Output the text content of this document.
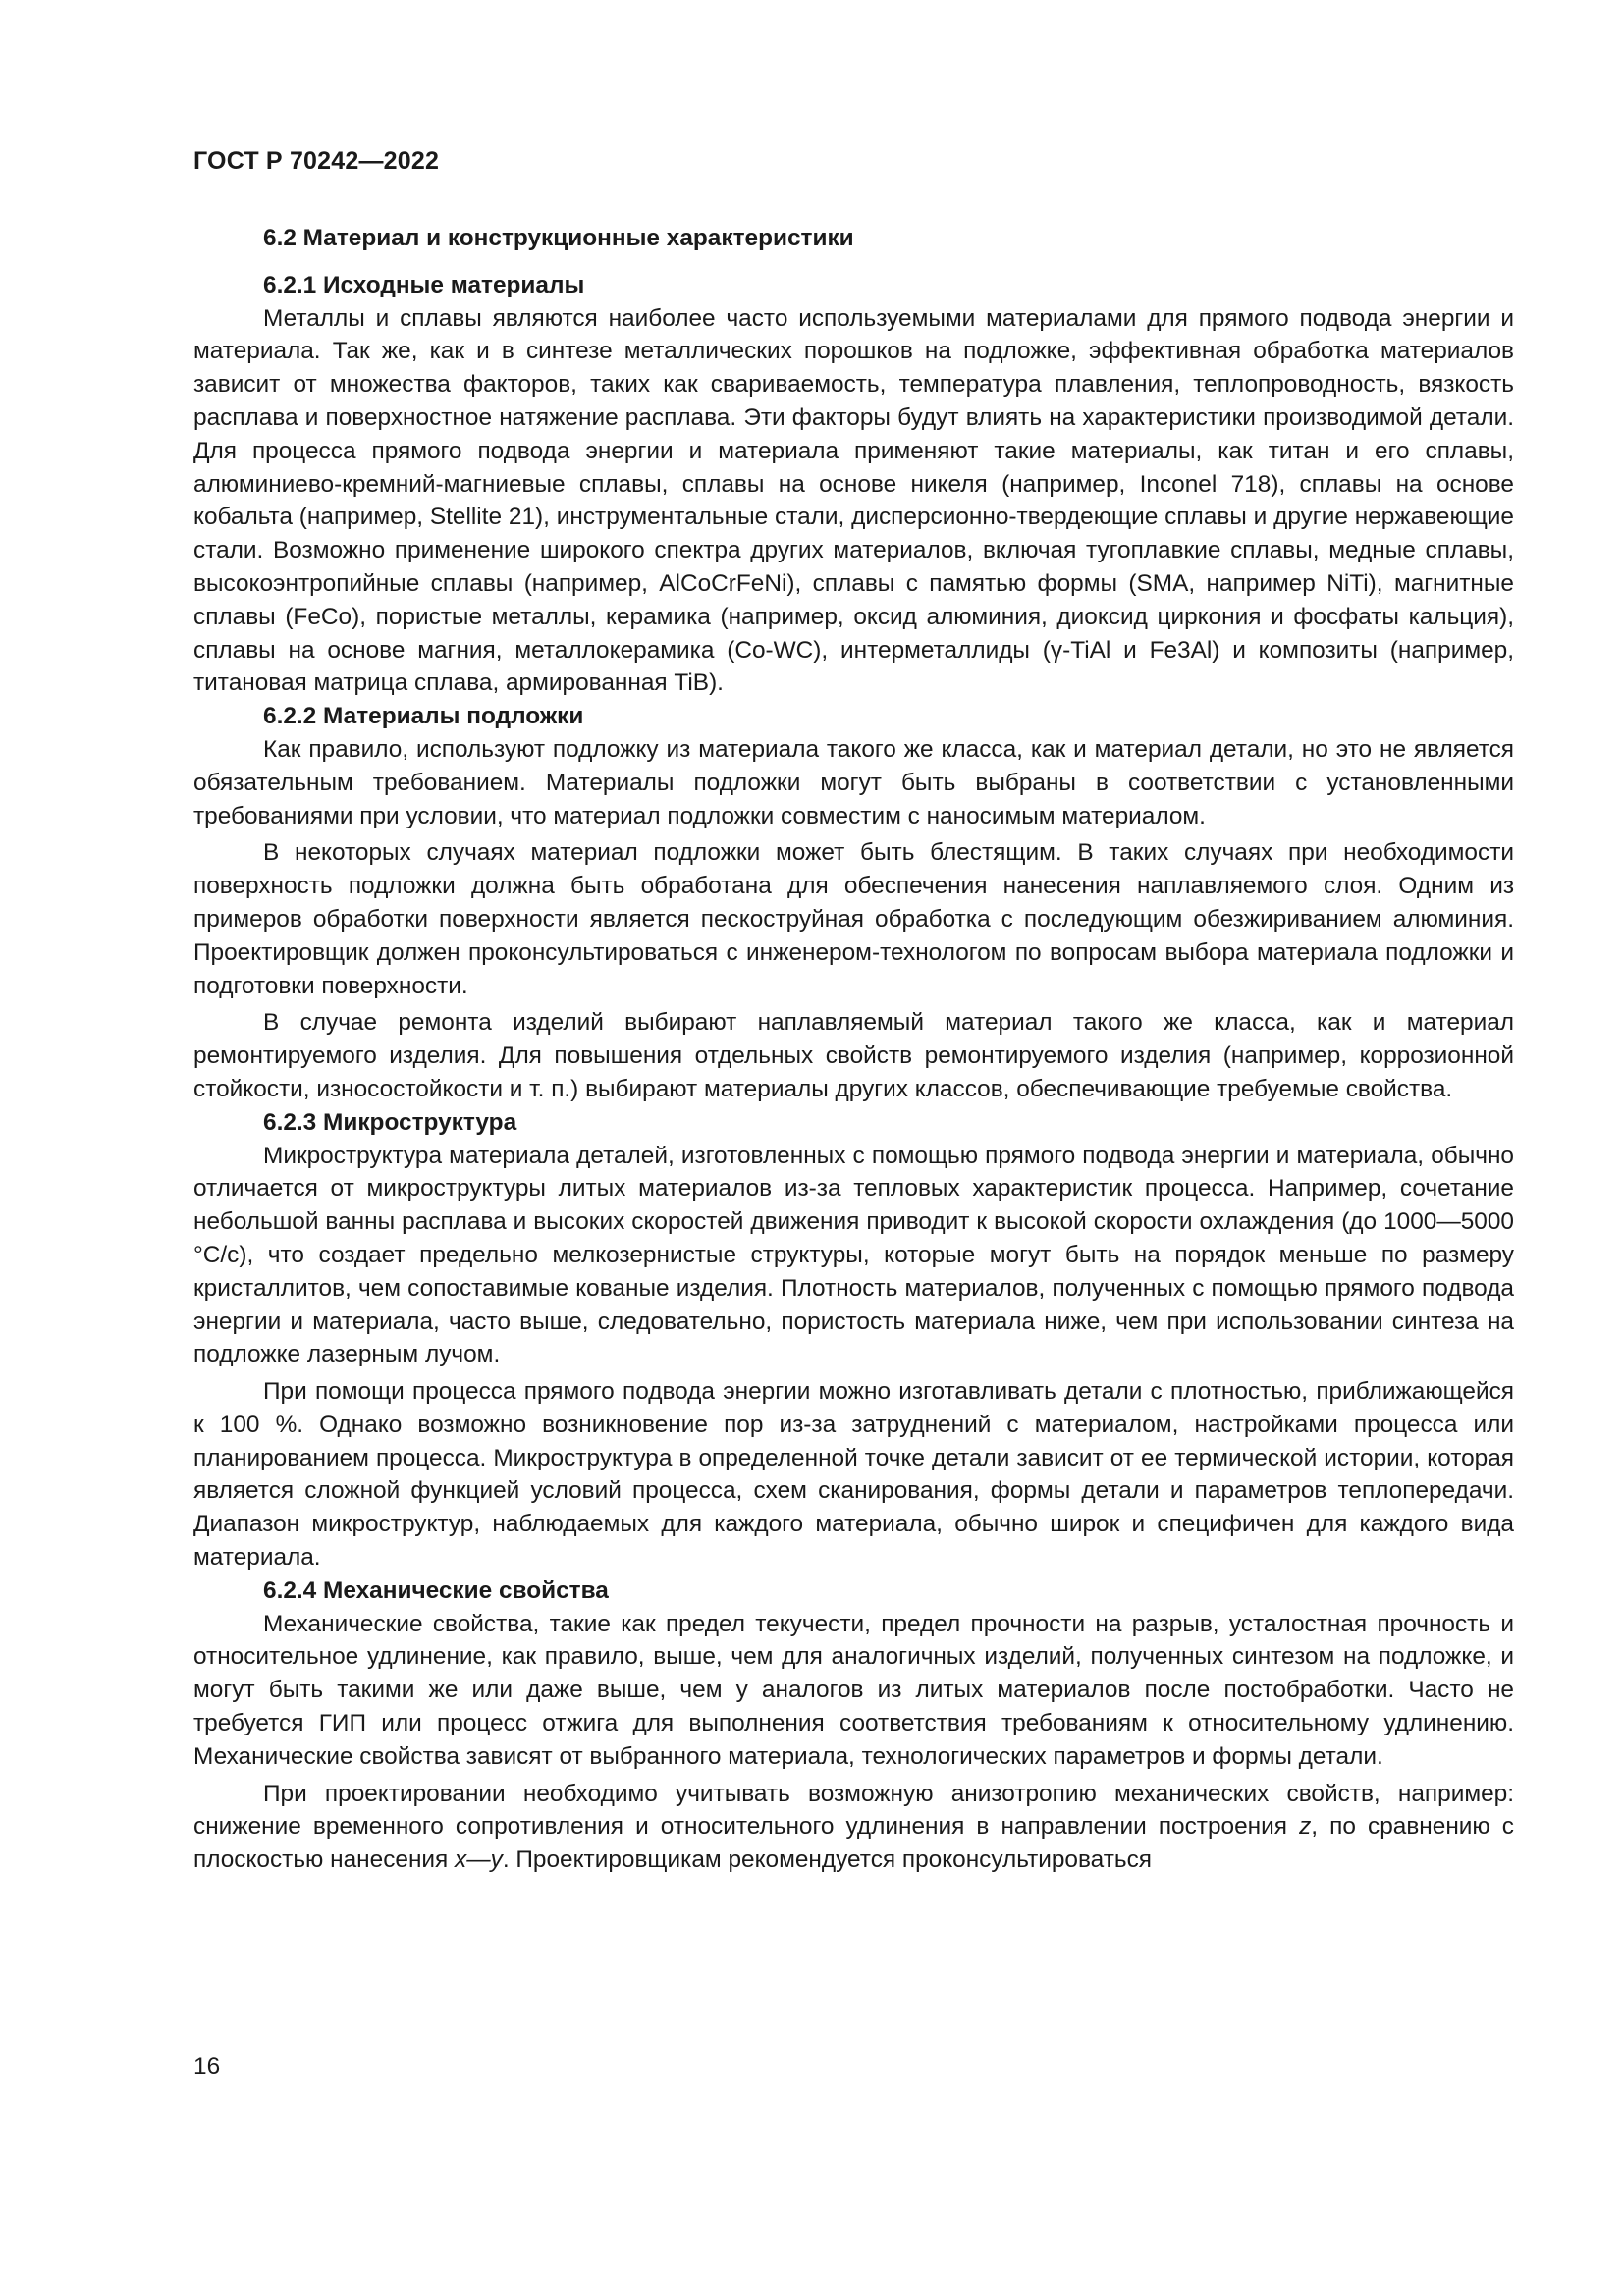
ГОСТ Р 70242—2022

6.2 Материал и конструкционные характеристики

6.2.1 Исходные материалы

Металлы и сплавы являются наиболее часто используемыми материалами для прямого подвода энергии и материала. Так же, как и в синтезе металлических порошков на подложке, эффективная обработка материалов зависит от множества факторов, таких как свариваемость, температура плавления, теплопроводность, вязкость расплава и поверхностное натяжение расплава. Эти факторы будут влиять на характеристики производимой детали. Для процесса прямого подвода энергии и материала применяют такие материалы, как титан и его сплавы, алюминиево-кремний-магниевые сплавы, сплавы на основе никеля (например, Inconel 718), сплавы на основе кобальта (например, Stellite 21), инструментальные стали, дисперсионно-твердеющие сплавы и другие нержавеющие стали. Возможно применение широкого спектра других материалов, включая тугоплавкие сплавы, медные сплавы, высокоэнтропийные сплавы (например, AlCoCrFeNi), сплавы с памятью формы (SMA, например NiTi), магнитные сплавы (FeCo), пористые металлы, керамика (например, оксид алюминия, диоксид циркония и фосфаты кальция), сплавы на основе магния, металлокерамика (Co-WC), интерметаллиды (γ-TiAl и Fe3Al) и композиты (например, титановая матрица сплава, армированная TiB).

6.2.2 Материалы подложки

Как правило, используют подложку из материала такого же класса, как и материал детали, но это не является обязательным требованием. Материалы подложки могут быть выбраны в соответствии с установленными требованиями при условии, что материал подложки совместим с наносимым материалом.

В некоторых случаях материал подложки может быть блестящим. В таких случаях при необходимости поверхность подложки должна быть обработана для обеспечения нанесения наплавляемого слоя. Одним из примеров обработки поверхности является пескоструйная обработка с последующим обезжириванием алюминия. Проектировщик должен проконсультироваться с инженером-технологом по вопросам выбора материала подложки и подготовки поверхности.

В случае ремонта изделий выбирают наплавляемый материал такого же класса, как и материал ремонтируемого изделия. Для повышения отдельных свойств ремонтируемого изделия (например, коррозионной стойкости, износостойкости и т. п.) выбирают материалы других классов, обеспечивающие требуемые свойства.

6.2.3 Микроструктура

Микроструктура материала деталей, изготовленных с помощью прямого подвода энергии и материала, обычно отличается от микроструктуры литых материалов из-за тепловых характеристик процесса. Например, сочетание небольшой ванны расплава и высоких скоростей движения приводит к высокой скорости охлаждения (до 1000—5000 °С/с), что создает предельно мелкозернистые структуры, которые могут быть на порядок меньше по размеру кристаллитов, чем сопоставимые кованые изделия. Плотность материалов, полученных с помощью прямого подвода энергии и материала, часто выше, следовательно, пористость материала ниже, чем при использовании синтеза на подложке лазерным лучом.

При помощи процесса прямого подвода энергии можно изготавливать детали с плотностью, приближающейся к 100 %. Однако возможно возникновение пор из-за затруднений с материалом, настройками процесса или планированием процесса. Микроструктура в определенной точке детали зависит от ее термической истории, которая является сложной функцией условий процесса, схем сканирования, формы детали и параметров теплопередачи. Диапазон микроструктур, наблюдаемых для каждого материала, обычно широк и специфичен для каждого вида материала.

6.2.4 Механические свойства

Механические свойства, такие как предел текучести, предел прочности на разрыв, усталостная прочность и относительное удлинение, как правило, выше, чем для аналогичных изделий, полученных синтезом на подложке, и могут быть такими же или даже выше, чем у аналогов из литых материалов после постобработки. Часто не требуется ГИП или процесс отжига для выполнения соответствия требованиям к относительному удлинению. Механические свойства зависят от выбранного материала, технологических параметров и формы детали.

При проектировании необходимо учитывать возможную анизотропию механических свойств, например: снижение временного сопротивления и относительного удлинения в направлении построения z, по сравнению с плоскостью нанесения x—y. Проектировщикам рекомендуется проконсультироваться

16
